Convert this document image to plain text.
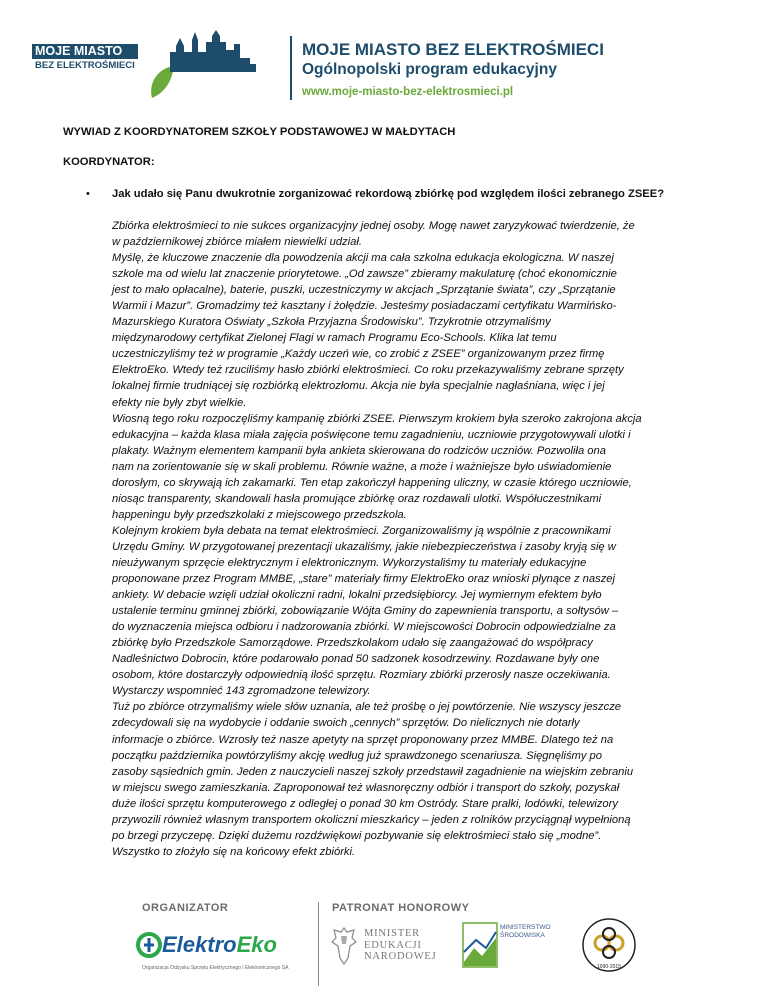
MOJE MIASTO
BEZ ELEKTROŚMIECI
MOJE MIASTO BEZ ELEKTROŚMIECI
Ogólnopolski program edukacyjny
www.moje-miasto-bez-elektrosmieci.pl
WYWIAD Z KOORDYNATOREM SZKOŁY PODSTAWOWEJ W MAŁDYTACH
KOORDYNATOR:
• Jak udało się Panu dwukrotnie zorganizować rekordową zbiórkę pod względem ilości zebranego ZSEE?

Zbiórka elektrośmieci to nie sukces organizacyjny jednej osoby. Mogę nawet zaryzykować twierdzenie, że

w październikowej zbiórce miałem niewielki udział.

Myślę, że kluczowe znaczenie dla powodzenia akcji ma cała szkolna edukacja ekologiczna. W naszej

szkole ma od wielu lat znaczenie priorytetowe. „Od zawsze” zbieramy makulaturę (choć ekonomicznie

jest to mało opłacalne), baterie, puszki, uczestniczymy w akcjach „Sprzątanie świata”, czy „Sprzątanie

Warmii i Mazur”. Gromadzimy też kasztany i żołędzie. Jesteśmy posiadaczami certyfikatu Warmińsko-

Mazurskiego Kuratora Oświaty „Szkoła Przyjazna Środowisku”. Trzykrotnie otrzymaliśmy

międzynarodowy certyfikat Zielonej Flagi w ramach Programu Eco-Schools. Klika lat temu

uczestniczyliśmy też w programie „Każdy uczeń wie, co zrobić z ZSEE” organizowanym przez firmę

ElektroEko. Wtedy też rzuciliśmy hasło zbiórki elektrośmieci. Co roku przekazywaliśmy zebrane sprzęty

lokalnej firmie trudniącej się rozbiórką elektrozłomu. Akcja nie była specjalnie nagłaśniana, więc i jej

efekty nie były zbyt wielkie.

Wiosną tego roku rozpoczęliśmy kampanię zbiórki ZSEE. Pierwszym krokiem była szeroko zakrojona akcja

edukacyjna – każda klasa miała zajęcia poświęcone temu zagadnieniu, uczniowie przygotowywali ulotki i

plakaty. Ważnym elementem kampanii była ankieta skierowana do rodziców uczniów. Pozwoliła ona

nam na zorientowanie się w skali problemu. Równie ważne, a może i ważniejsze było uświadomienie

dorosłym, co skrywają ich zakamarki. Ten etap zakończył happening uliczny, w czasie którego uczniowie,

niosąc transparenty, skandowali hasła promujące zbiórkę oraz rozdawali ulotki. Współuczestnikami

happeningu były przedszkolaki z miejscowego przedszkola.

Kolejnym krokiem była debata na temat elektrośmieci. Zorganizowaliśmy ją wspólnie z pracownikami

Urzędu Gminy. W przygotowanej prezentacji ukazaliśmy, jakie niebezpieczeństwa i zasoby kryją się w

nieużywanym sprzęcie elektrycznym i elektronicznym. Wykorzystaliśmy tu materiały edukacyjne

proponowane przez Program MMBE, „stare” materiały firmy ElektroEko oraz wnioski płynące z naszej

ankiety. W debacie wzięli udział okoliczni radni, lokalni przedsiębiorcy. Jej wymiernym efektem było

ustalenie terminu gminnej zbiórki, zobowiązanie Wójta Gminy do zapewnienia transportu, a sołtysów –

do wyznaczenia miejsca odbioru i nadzorowania zbiórki. W miejscowości Dobrocin odpowiedzialne za

zbiórkę było Przedszkole Samorządowe. Przedszkolakom udało się zaangażować do współpracy

Nadleśnictwo Dobrocin, które podarowało ponad 50 sadzonek kosodrzewiny. Rozdawane były one

osobom, które dostarczyły odpowiednią ilość sprzętu. Rozmiary zbiórki przerosły nasze oczekiwania.

Wystarczy wspomnieć 143 zgromadzone telewizory.

Tuż po zbiórce otrzymaliśmy wiele słów uznania, ale też prośbę o jej powtórzenie. Nie wszyscy jeszcze

zdecydowali się na wydobycie i oddanie swoich „cennych” sprzętów. Do nielicznych nie dotarły

informacje o zbiórce. Wzrosły też nasze apetyty na sprzęt proponowany przez MMBE. Dlatego też na

początku października powtórzyliśmy akcję według już sprawdzonego scenariusza. Sięgnęliśmy po

zasoby sąsiednich gmin. Jeden z nauczycieli naszej szkoły przedstawił zagadnienie na wiejskim zebraniu

w miejscu swego zamieszkania. Zaproponował też własnoręczny odbiór i transport do szkoły, pozyskał

duże ilości sprzętu komputerowego z odległej o ponad 30 km Ostródy. Stare pralki, lodówki, telewizory

przywozili również własnym transportem okoliczni mieszkańcy – jeden z rolników przyciągnął wypełnioną

po brzegi przyczepę. Dzięki dużemu rozdźwiękowi pozbywanie się elektrośmieci stało się „modne”.

Wszystko to złożyło się na końcowy efekt zbiórki.

ORGANIZATOR	PATRONAT HONOROWY
ElektroEko
Organizacja Odzysku Sprzętu Elektrycznego i Elektronicznego SA
MINISTER
EDUKACJI
NARODOWEJ
MINISTERSTWO
ŚRODOWISKA
1990-2015
